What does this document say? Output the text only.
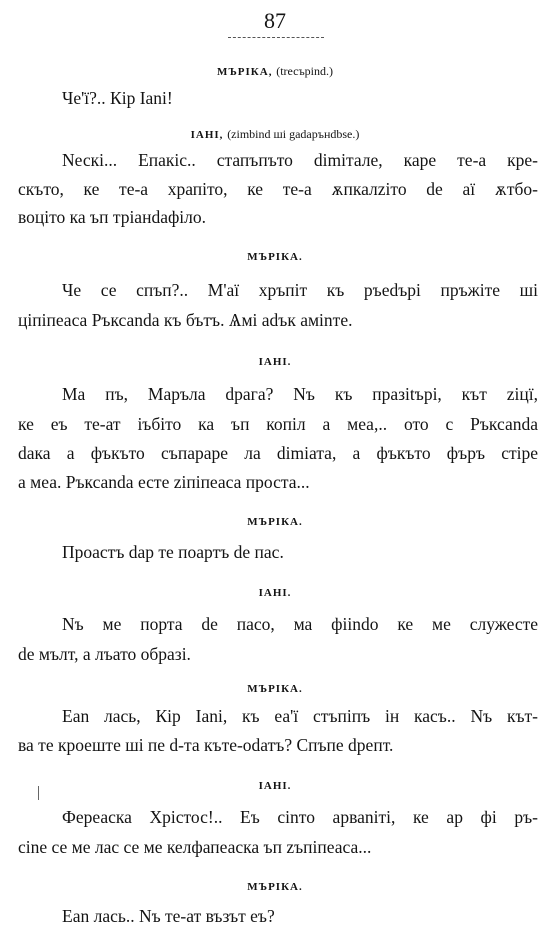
87
МЪРІКА, (trесърind.)
Че'ї?.. Кір Іanі!
ІАНІ, (zimbind шi gadaрънdbse.)
Nескі... Епакіс.. стапъпъто dimiтале, каре те-а кре-
скъто, ке те-а храпіто, ке те-а ѫпкалzіто de аї ѫтбо-
воціто ка ъп тріанdафіло.
МЪРІКА.
Че се спъп?.. М'аї хръпіт къ ръеdърі пръжіте шi
ціпіпеаса Ръксаnda къ бътъ. Ѧмі adък аміnте.
ІАНІ.
Ма пъ, Маръла dрага? Nъ къ празіtърі, кът zіцї,
ке еъ те-ат іъбіто ка ъп копіл а меа,.. ото с Ръксаnda
daка а фъкъто съпараре ла dimiата, а фъкъто фъръ стіре
а меа. Ръксаnda есте zіпіпеаса проста...
МЪРІКА.
Проастъ dар те поартъ de пас.
ІАНІ.
Nъ ме порта de пасо, ма фііndо ке ме служесте
de мълт, а лъато образі.
МЪРІКА.
Еаn лась, Кір Іanі, къ еа'ї стъпіпъ ін касъ.. Nъ кът-
ва те кроеште шi пе d-та къте-оdатъ? Спъпе dрепт.
ІАНІ.
Фереаска Хрістос!.. Еъ сіnто арваnіті, ке ар фі ръ-
сіnе се ме лас се ме келфапеаска ъп zъпіпеаса...
МЪРІКА.
Еаn лась.. Nъ те-ат възът еъ?
